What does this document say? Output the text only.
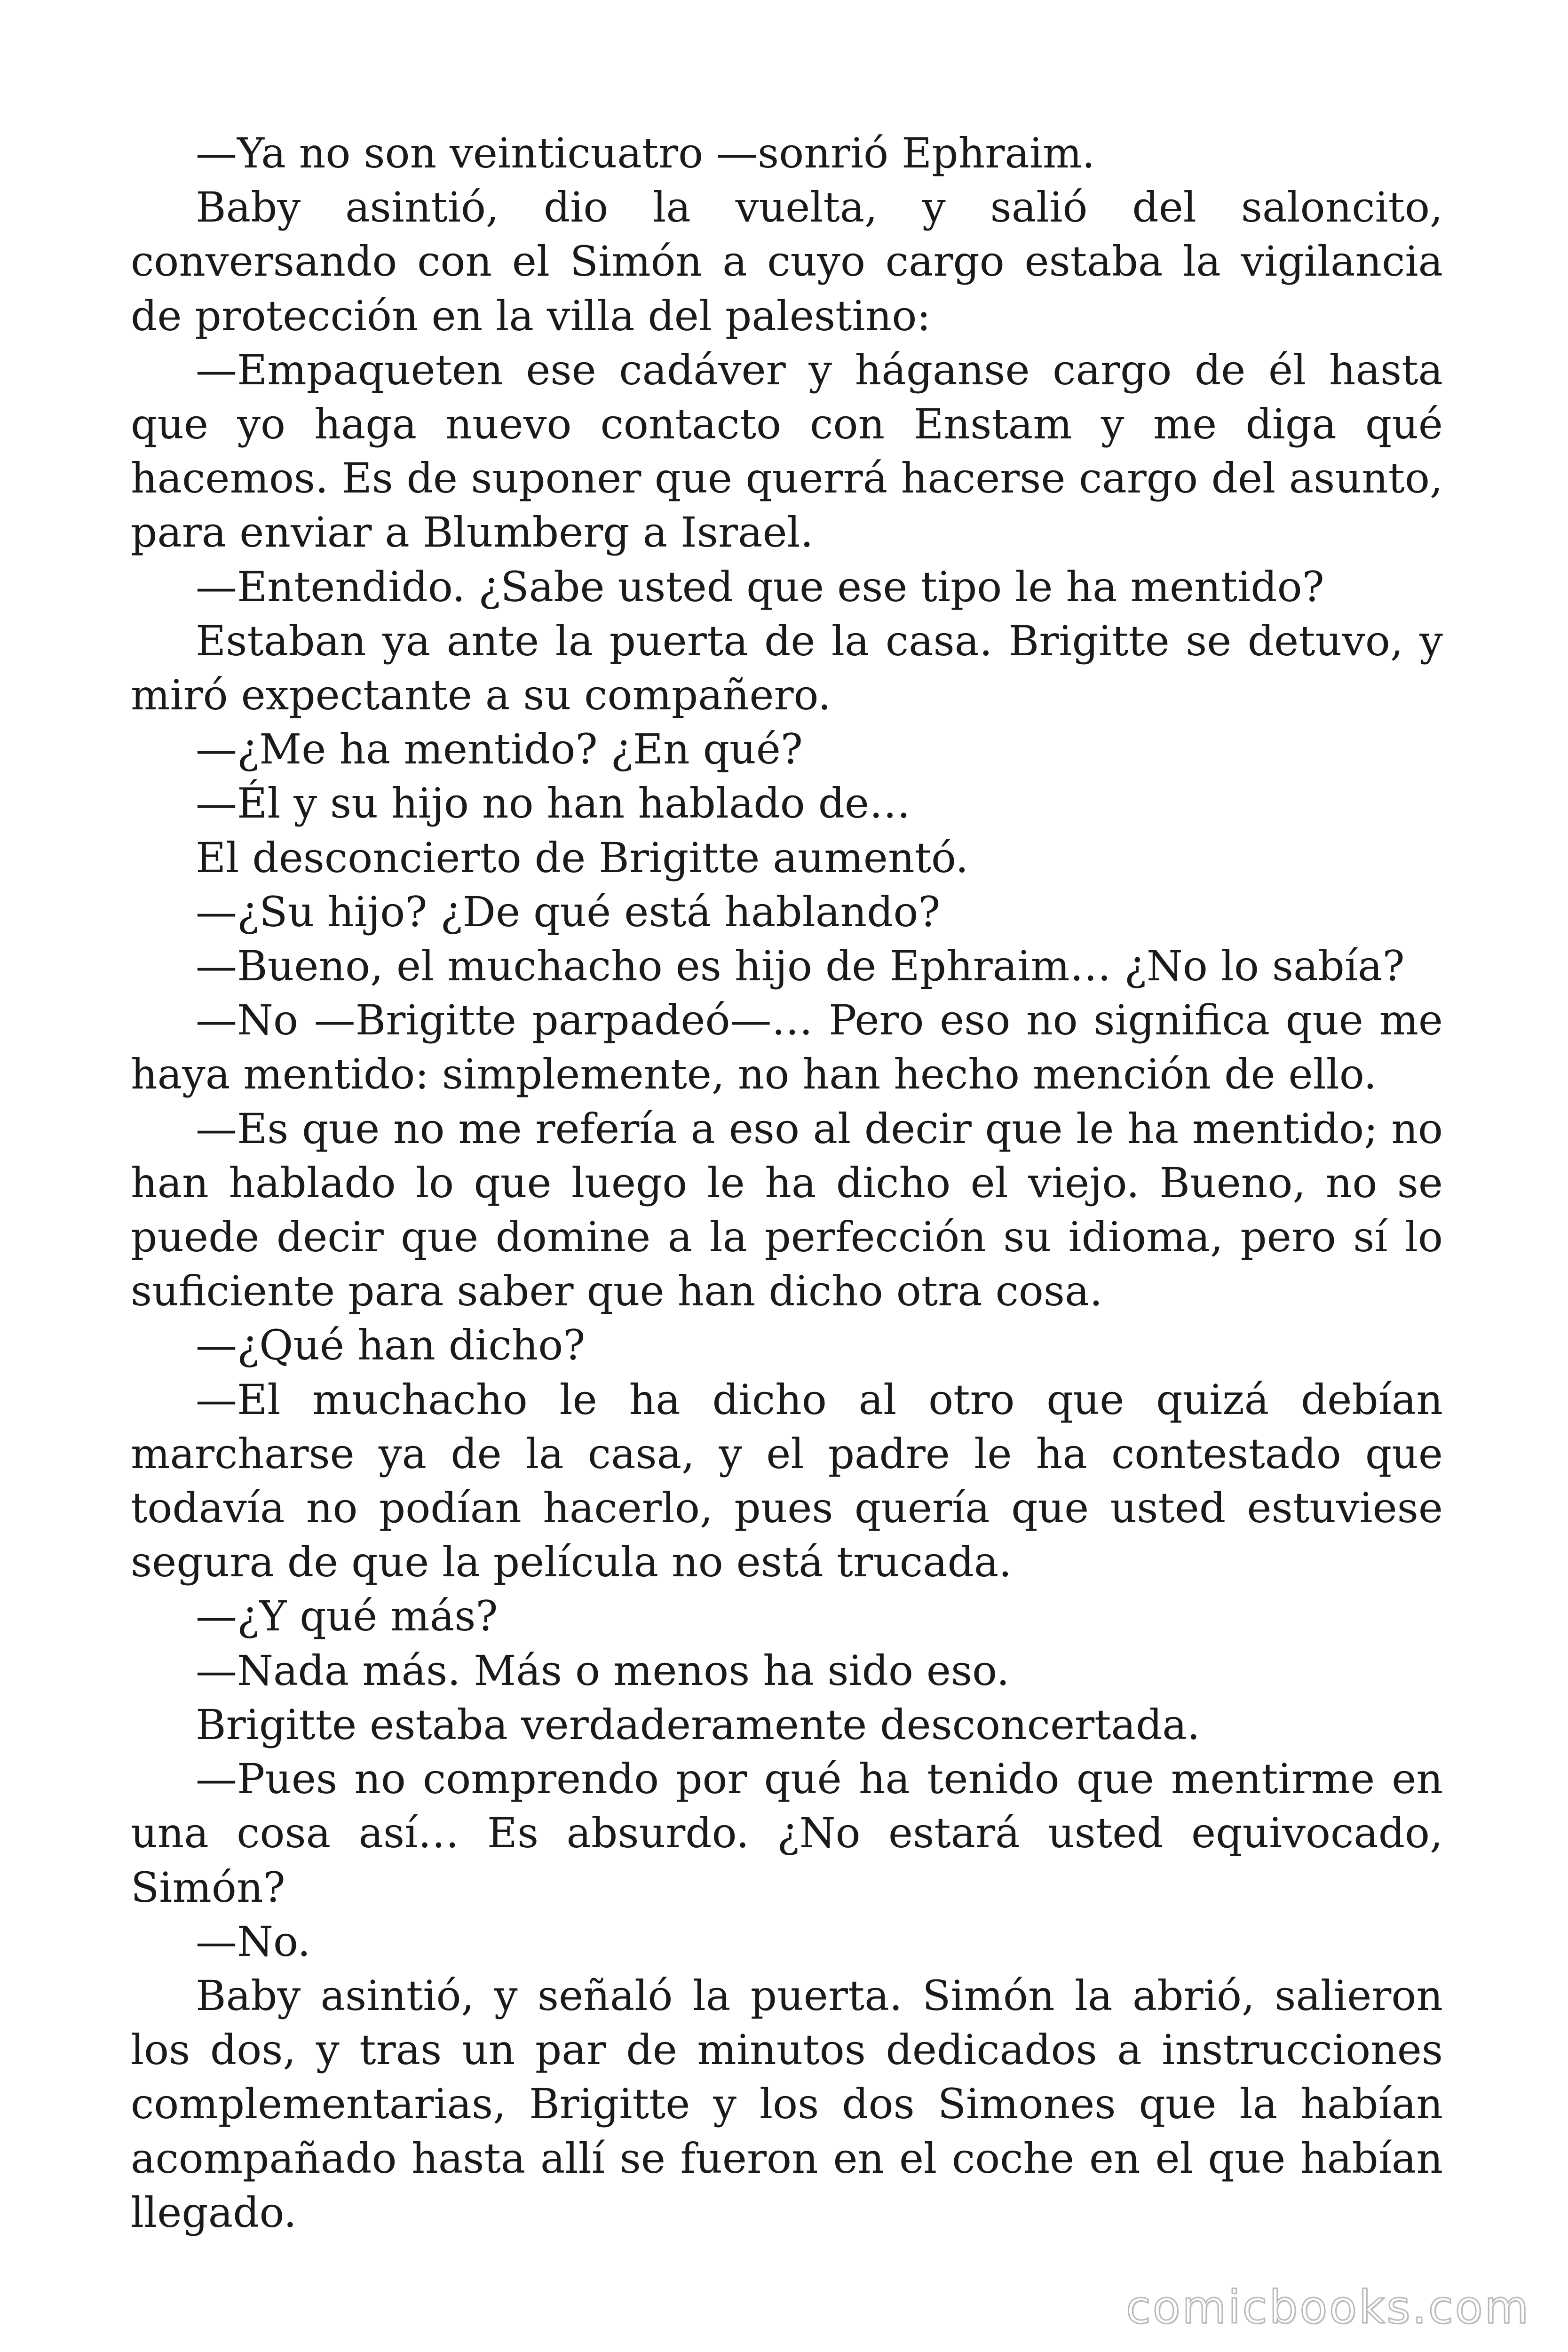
—Ya no son veinticuatro —sonrió Ephraim.

Baby asintió, dio la vuelta, y salió del saloncito, conversando con el Simón a cuyo cargo estaba la vigilancia de protección en la villa del palestino:

—Empaqueten ese cadáver y háganse cargo de él hasta que yo haga nuevo contacto con Enstam y me diga qué hacemos. Es de suponer que querrá hacerse cargo del asunto, para enviar a Blumberg a Israel.

—Entendido. ¿Sabe usted que ese tipo le ha mentido?

Estaban ya ante la puerta de la casa. Brigitte se detuvo, y miró expectante a su compañero.

—¿Me ha mentido? ¿En qué?

—Él y su hijo no han hablado de…

El desconcierto de Brigitte aumentó.

—¿Su hijo? ¿De qué está hablando?

—Bueno, el muchacho es hijo de Ephraim… ¿No lo sabía?

—No —Brigitte parpadeó—… Pero eso no significa que me haya mentido: simplemente, no han hecho mención de ello.

—Es que no me refería a eso al decir que le ha mentido; no han hablado lo que luego le ha dicho el viejo. Bueno, no se puede decir que domine a la perfección su idioma, pero sí lo suficiente para saber que han dicho otra cosa.

—¿Qué han dicho?

—El muchacho le ha dicho al otro que quizá debían marcharse ya de la casa, y el padre le ha contestado que todavía no podían hacerlo, pues quería que usted estuviese segura de que la película no está trucada.

—¿Y qué más?

—Nada más. Más o menos ha sido eso.

Brigitte estaba verdaderamente desconcertada.

—Pues no comprendo por qué ha tenido que mentirme en una cosa así… Es absurdo. ¿No estará usted equivocado, Simón?

—No.

Baby asintió, y señaló la puerta. Simón la abrió, salieron los dos, y tras un par de minutos dedicados a instrucciones complementarias, Brigitte y los dos Simones que la habían acompañado hasta allí se fueron en el coche en el que habían llegado.

comicbooks.com
